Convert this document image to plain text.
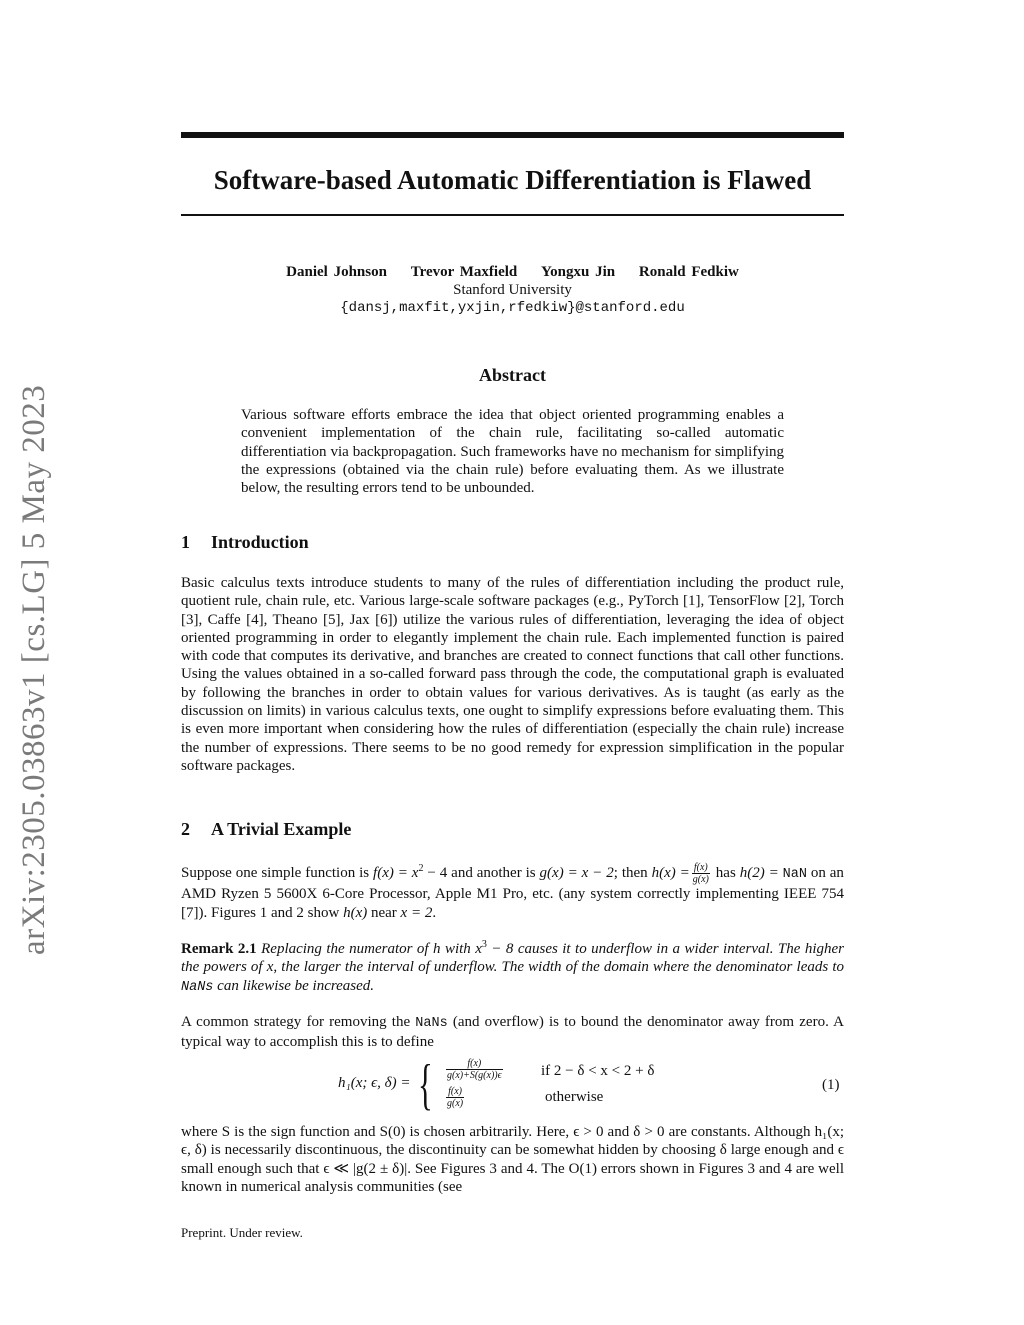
arXiv:2305.03863v1 [cs.LG] 5 May 2023
Software-based Automatic Differentiation is Flawed
Daniel Johnson Trevor Maxfield Yongxu Jin Ronald Fedkiw
Stanford University
{dansj,maxfit,yxjin,rfedkiw}@stanford.edu
Abstract
Various software efforts embrace the idea that object oriented programming enables a convenient implementation of the chain rule, facilitating so-called automatic differentiation via backpropagation. Such frameworks have no mechanism for simplifying the expressions (obtained via the chain rule) before evaluating them. As we illustrate below, the resulting errors tend to be unbounded.
1 Introduction
Basic calculus texts introduce students to many of the rules of differentiation including the product rule, quotient rule, chain rule, etc. Various large-scale software packages (e.g., PyTorch [1], TensorFlow [2], Torch [3], Caffe [4], Theano [5], Jax [6]) utilize the various rules of differentiation, leveraging the idea of object oriented programming in order to elegantly implement the chain rule. Each implemented function is paired with code that computes its derivative, and branches are created to connect functions that call other functions. Using the values obtained in a so-called forward pass through the code, the computational graph is evaluated by following the branches in order to obtain values for various derivatives. As is taught (as early as the discussion on limits) in various calculus texts, one ought to simplify expressions before evaluating them. This is even more important when considering how the rules of differentiation (especially the chain rule) increase the number of expressions. There seems to be no good remedy for expression simplification in the popular software packages.
2 A Trivial Example
Suppose one simple function is $f(x) = x^2 - 4$ and another is g(x) = x − 2; then $h(x) = \frac{f(x)}{g(x)}$ has h(2) = NaN on an AMD Ryzen 5 5600X 6-Core Processor, Apple M1 Pro, etc. (any system correctly implementing IEEE 754 [7]). Figures 1 and 2 show h(x) near x = 2.
Remark 2.1 Replacing the numerator of h with $x^3 - 8$ causes it to underflow in a wider interval. The higher the powers of x, the larger the interval of underflow. The width of the domain where the denominator leads to NaNs can likewise be increased.
A common strategy for removing the NaNs (and overflow) is to bound the denominator away from zero. A typical way to accomplish this is to define
h₁(x; ϵ, δ) = { $\frac{f(x)}{g(x)+S(g(x))\epsilon}$	if 2 − δ < x < 2 + δ
$\frac{f(x)}{g(x)}$	otherwise
(1)
where S is the sign function and S(0) is chosen arbitrarily. Here, ϵ > 0 and δ > 0 are constants. Although h₁(x; ϵ, δ) is necessarily discontinuous, the discontinuity can be somewhat hidden by choosing δ large enough and ϵ small enough such that ϵ ≪ |g(2 ± δ)|. See Figures 3 and 4. The O(1) errors shown in Figures 3 and 4 are well known in numerical analysis communities (see
Preprint. Under review.
